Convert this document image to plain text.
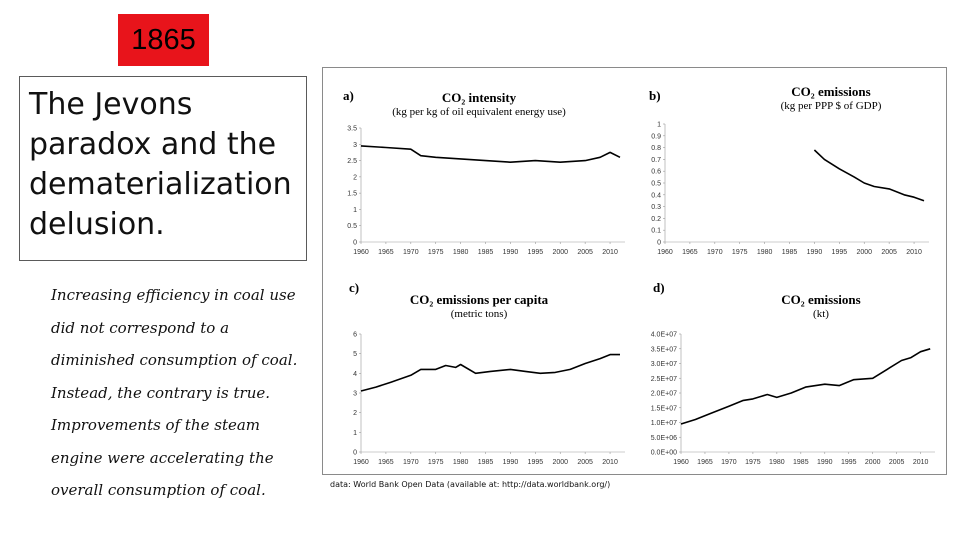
1865
The Jevons paradox and the dematerialization delusion.

Increasing efficiency in coal use did not correspond to a diminished consumption of coal. Instead, the contrary is true. Improvements of the steam engine were accelerating the overall consumption of coal.

a)	CO₂ intensity
(kg per kg of oil equivalent energy use)
0
0.5
1
1.5
2
2.5
3
3.5
1960 1965 1970 1975 1980 1985 1990 1995 2000 2005 2010
b)	CO₂ emissions
(kg per PPP $ of GDP)
0
0.1
0.2
0.3
0.4
0.5
0.6
0.7
0.8
0.9
1
1960 1965 1970 1975 1980 1985 1990 1995 2000 2005 2010
c)
CO₂ emissions per capita
(metric tons)
0
1
2
3
4
5
6
1960 1965 1970 1975 1980 1985 1990 1995 2000 2005 2010
d)
CO₂ emissions
(kt)
0.0E+00
5.0E+06
1.0E+07
1.5E+07
2.0E+07
2.5E+07
3.0E+07
3.5E+07
4.0E+07
1960 1965 1970 1975 1980 1985 1990 1995 2000 2005 2010
data: World Bank Open Data (available at: http://data.worldbank.org/)
